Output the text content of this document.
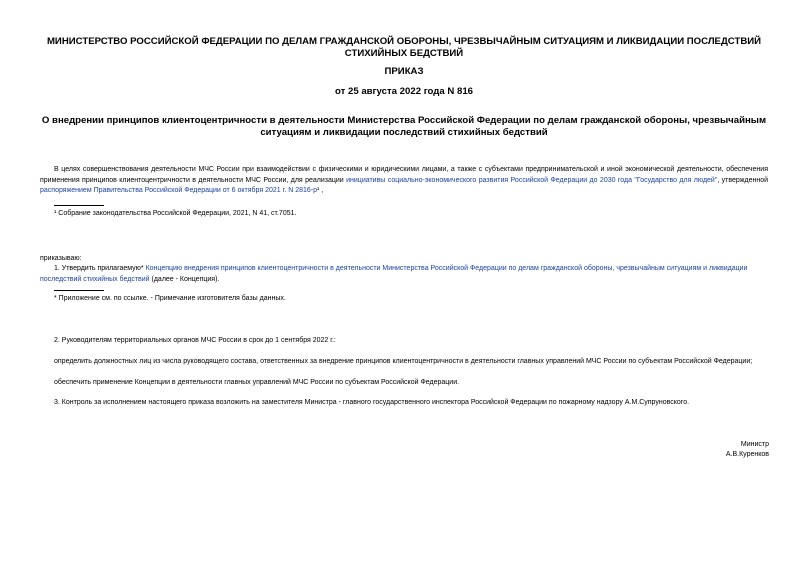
МИНИСТЕРСТВО РОССИЙСКОЙ ФЕДЕРАЦИИ ПО ДЕЛАМ ГРАЖДАНСКОЙ ОБОРОНЫ, ЧРЕЗВЫЧАЙНЫМ СИТУАЦИЯМ И ЛИКВИДАЦИИ ПОСЛЕДСТВИЙ СТИХИЙНЫХ БЕДСТВИЙ
ПРИКАЗ
от 25 августа 2022 года N 816
О внедрении принципов клиентоцентричности в деятельности Министерства Российской Федерации по делам гражданской обороны, чрезвычайным ситуациям и ликвидации последствий стихийных бедствий
В целях совершенствования деятельности МЧС России при взаимодействии с физическими и юридическими лицами, а также с субъектами предпринимательской и иной экономической деятельности, обеспечения применения принципов клиентоцентричности в деятельности МЧС России, для реализации инициативы социально-экономического развития Российской Федерации до 2030 года "Государство для людей", утвержденной распоряжением Правительства Российской Федерации от 6 октября 2021 г. N 2816-р¹ ,
¹ Собрание законодательства Российской Федерации, 2021, N 41, ст.7051.
приказываю:
1. Утвердить прилагаемую* Концепцию внедрения принципов клиентоцентричности в деятельности Министерства Российской Федерации по делам гражданской обороны, чрезвычайным ситуациям и ликвидации последствий стихийных бедствий (далее - Концепция).
* Приложение см. по ссылке. - Примечание изготовителя базы данных.
2. Руководителям территориальных органов МЧС России в срок до 1 сентября 2022 г.:
определить должностных лиц из числа руководящего состава, ответственных за внедрение принципов клиентоцентричности в деятельности главных управлений МЧС России по субъектам Российской Федерации;
обеспечить применение Концепции в деятельности главных управлений МЧС России по субъектам Российской Федерации.
3. Контроль за исполнением настоящего приказа возложить на заместителя Министра - главного государственного инспектора Российской Федерации по пожарному надзору А.М.Супруновского.
Министр
А.В.Куренков
